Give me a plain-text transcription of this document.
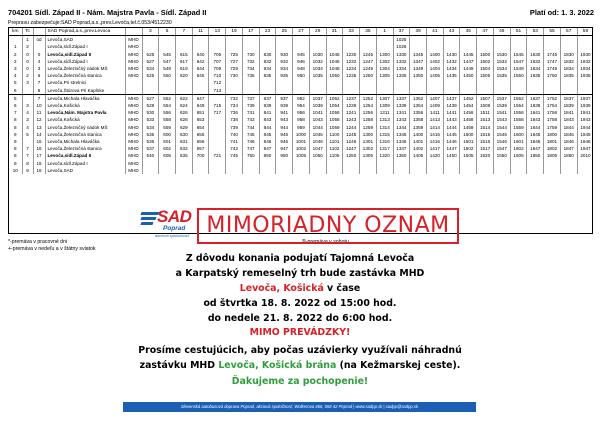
704201 Sídl. Západ II - Nám. Majstra Pavla - Sídl. Západ II	Platí od: 1. 3. 2022
Prepravu zabezpečuje:SAD Poprad,a.s.,prev.Levoča,tel.č.053/4512230
km	Tc		SAD Poprad,a.s.,prev.Levoca		3	5	7	11	13	19	17	23	25	27	29	31	33	35	1	37	39	41	43	45	47	49	51	53	55	57	59
	1	od	Levoča,SAD	MHD																1025											
1	2		Levoča,sídl.Západ I	MHD																1028											
2	0	0	Levoča,sídl.Západ II	MHD	525	545	615	640	705	725	730	830	930	945	1030	1045	1230	1245	1300	1330	1345	1400	1430	1445	1500	1530	1545	1630	1745	1830	1930
2	0	4	Levoča,sídl.Západ I	MHD	527	547	617	642	707	727	732	832	932	946	1032	1046	1232	1247	1302	1332	1347	1402	1432	1447	1502	1532	1547	1632	1747	1832	1932
3	0	3	Levoča,Železničný nádok MŠ	MHD	534	549	619	644	709	729	734	834	934	948	1034	1048	1234	1249	1304	1334	1349	1404	1434	1449	1504	1534	1549	1634	1749	1834	1934
4	2	6	Levoča,Železničná stanica	MHD	525	550	620	645	710	730	735	835	935	950	1035	1050	1235	1250	1305	1335	1350	1405	1435	1450	1505	1535	1550	1635	1750	1835	1935
5	3	7	Levoča,Pri strelnici						712																						
6		8	Levoča,Štúrova Pri Kaplnke						713																						
5		7	Levoča,Michala Hlaváčka	MHD	527	552	622	647		732	737	837	937	952	1037	1052	1237	1252	1307	1337	1352	1407	1437	1452	1507	1537	1552	1637	1752	1837	1937
6	3	10	Levoča,Košická	MHD	528	554	624	649	715	734	739	839	939	954	1039	1054	1239	1254	1309	1339	1354	1409	1439	1454	1509	1539	1554	1639	1754	1839	1939
7	4	11	Levoča,Nám. Majstra Pavla	MHD	530	556	626	651	717	736	741	841	941	956	1041	1056	1241	1256	1311	1341	1356	1411	1441	1456	1511	1541	1556	1641	1756	1841	1941
8	3	12	Levoča,Košická	MHD	533	558	628	653		738	743	843	943	958	1043	1058	1243	1258	1313	1343	1358	1413	1443	1458	1513	1543	1558	1643	1758	1843	1943
8	4	13	Levoča,Železničný nádok MŠ	MHD	534	559	629	654		739	744	844	944	959	1044	1059	1244	1259	1314	1344	1359	1414	1444	1459	1514	1544	1559	1644	1759	1844	1944
9	5	14	Levoča,Železničná stanica	MHD	535	600	630	655		740	745	845	945	1000	1045	1100	1245	1300	1315	1345	1400	1415	1445	1500	1515	1545	1600	1645	1800	1845	1945
9		15	Levoča,Michala Hlaváčka	MHD	536	601	631	656		741	746	846	946	1001	1046	1101	1246	1301	1316	1346	1401	1416	1446	1501	1516	1546	1601	1646	1801	1846	1946
8	7	16	Levoča,Železničná stanica	MHD	537	602	632	657		742	747	847	947	1002	1047	1102	1247	1302	1317	1347	1402	1417	1447	1502	1517	1547	1602	1647	1802	1847	1947
8	7	17	Levoča,sídl.Západ II	MHD	540	605	635	700	721	745	750	850	950	1005	1050	1105	1250	1305	1320	1350	1405	1420	1450	1505	1520	1550	1605	1650	1805	1850	2010
9	8	15	Levoča,sídl.Západ I	MHD																											
10	9	18	Levoča,SAD	MHD																											
*-premáva v pracovné dni
+-premáva v nedeľu a v štátny sviatok
®-premáva v sobotu
SAD
Poprad
akciová spoločnosť MIMORIADNY OZNAM
Z dôvodu konania podujatí Tajomná Levoča
a Karpatský remeselný trh bude zastávka MHD
Levoča, Košická v čase
od štvrtka 18. 8. 2022 od 15:00 hod.
do nedele 21. 8. 2022 do 6:00 hod.
MIMO PREVÁDZKY!
Prosíme cestujúcich, aby počas uzávierky využívali náhradnú
zastávku MHD Levoča, Košická brána (na Kežmarskej ceste).
Ďakujeme za pochopenie!
Slovenská autobusová doprava Poprad, akciová spoločnosť, Wolkerova 466, 058 42 Poprad | www.sadpp.sk | sadpp@sadpp.sk
